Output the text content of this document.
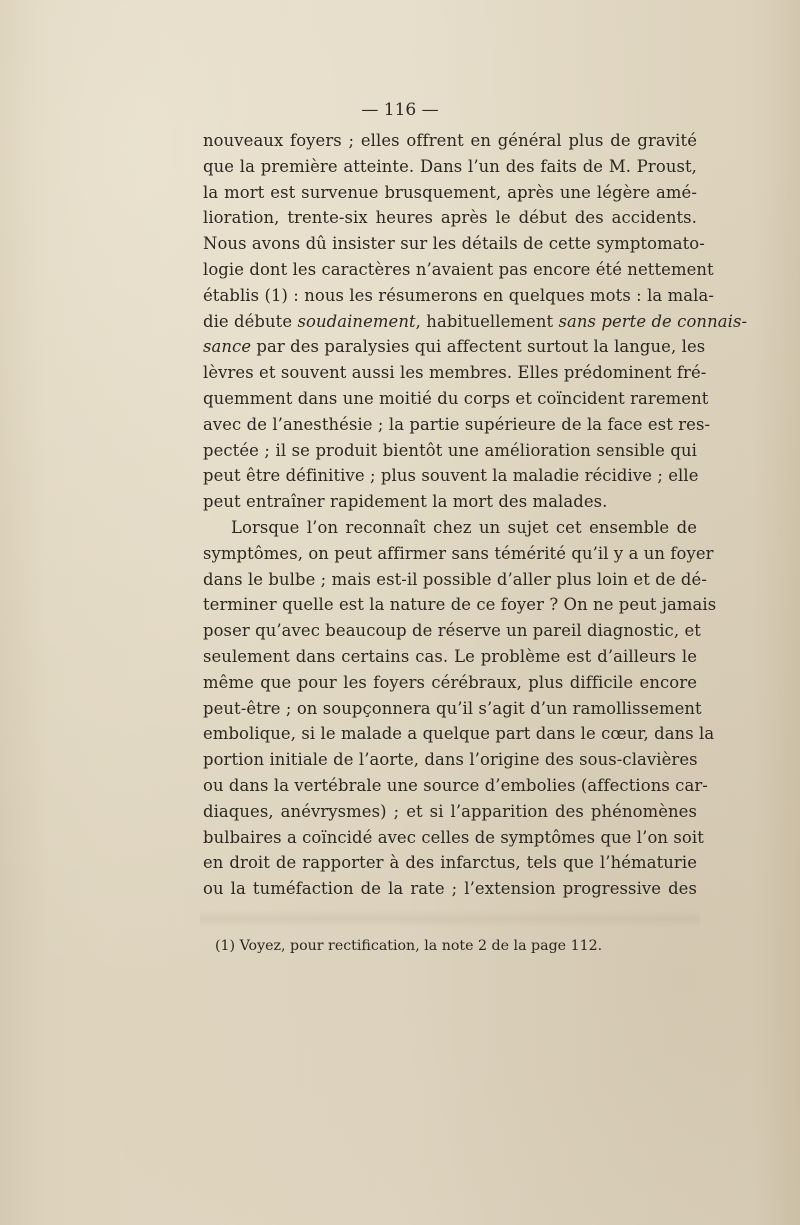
— 116 —
nouveaux foyers ; elles offrent en général plus de gravité
que la première atteinte. Dans l’un des faits de M. Proust,
la mort est survenue brusquement, après une légère amé-
lioration, trente-six heures après le début des accidents.
Nous avons dû insister sur les détails de cette symptomato-
logie dont les caractères n’avaient pas encore été nettement
établis (1) : nous les résumerons en quelques mots : la mala-
die débute soudainement, habituellement sans perte de connais-
sance par des paralysies qui affectent surtout la langue, les
lèvres et souvent aussi les membres. Elles prédominent fré-
quemment dans une moitié du corps et coïncident rarement
avec de l’anesthésie ; la partie supérieure de la face est res-
pectée ; il se produit bientôt une amélioration sensible qui
peut être définitive ; plus souvent la maladie récidive ; elle
peut entraîner rapidement la mort des malades.
Lorsque l’on reconnaît chez un sujet cet ensemble de
symptômes, on peut affirmer sans témérité qu’il y a un foyer
dans le bulbe ; mais est-il possible d’aller plus loin et de dé-
terminer quelle est la nature de ce foyer ? On ne peut jamais
poser qu’avec beaucoup de réserve un pareil diagnostic, et
seulement dans certains cas. Le problème est d’ailleurs le
même que pour les foyers cérébraux, plus difficile encore
peut-être ; on soupçonnera qu’il s’agit d’un ramollissement
embolique, si le malade a quelque part dans le cœur, dans la
portion initiale de l’aorte, dans l’origine des sous-clavières
ou dans la vertébrale une source d’embolies (affections car-
diaques, anévrysmes) ; et si l’apparition des phénomènes
bulbaires a coïncidé avec celles de symptômes que l’on soit
en droit de rapporter à des infarctus, tels que l’hématurie
ou la tuméfaction de la rate ; l’extension progressive des
(1) Voyez, pour rectification, la note 2 de la page 112.
